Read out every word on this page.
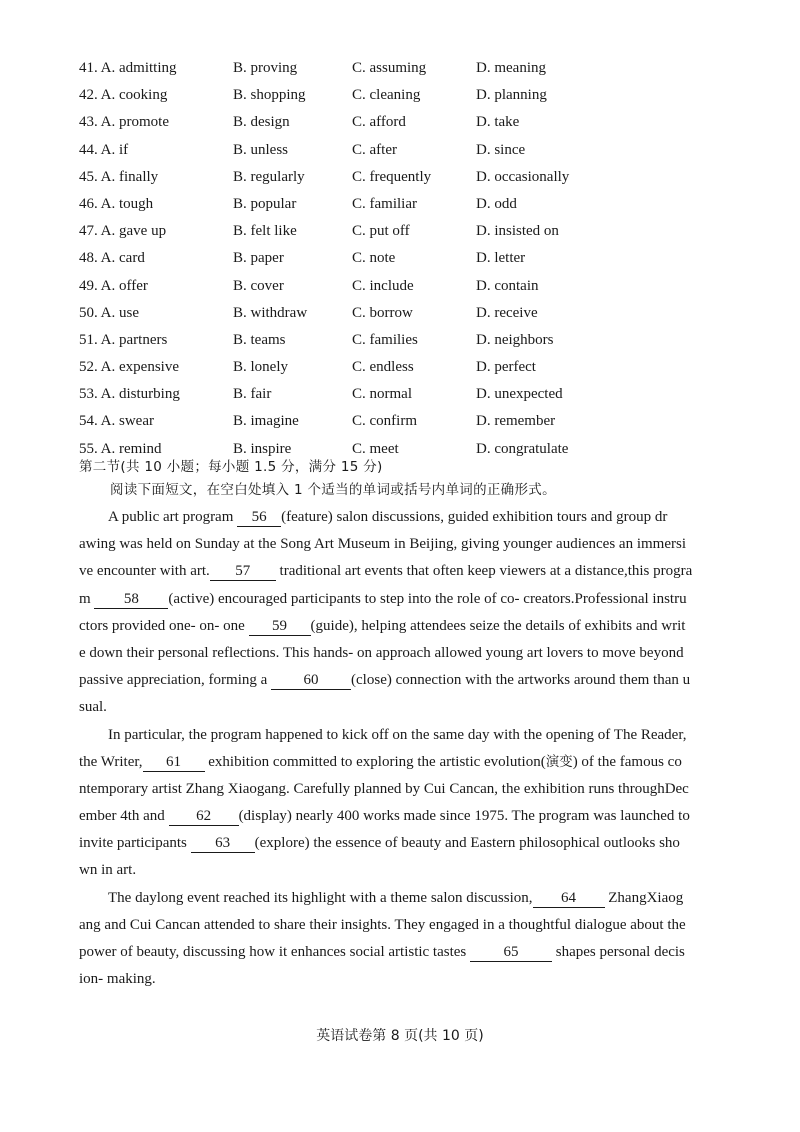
41. A. admitting	B. proving	C. assuming	D. meaning
42. A. cooking	B. shopping	C. cleaning	D. planning
43. A. promote	B. design	C. afford	D. take
44. A. if	B. unless	C. after	D. since
45. A. finally	B. regularly	C. frequently	D. occasionally
46. A. tough	B. popular	C. familiar	D. odd
47. A. gave up	B. felt like	C. put off	D. insisted on
48. A. card	B. paper	C. note	D. letter
49. A. offer	B. cover	C. include	D. contain
50. A. use	B. withdraw	C. borrow	D. receive
51. A. partners	B. teams	C. families	D. neighbors
52. A. expensive	B. lonely	C. endless	D. perfect
53. A. disturbing	B. fair	C. normal	D. unexpected
54. A. swear	B. imagine	C. confirm	D. remember
55. A. remind	B. inspire	C. meet	D. congratulate
第二节(共 10 小题；每小题 1.5 分，满分 15 分)
阅读下面短文，在空白处填入 1 个适当的单词或括号内单词的正确形式。
A public art program 56 (feature) salon discussions, guided exhibition tours and group dr
awing was held on Sunday at the Song Art Museum in Beijing, giving younger audiences an immersi
ve encounter with art. 57 traditional art events that often keep viewers at a distance,this progra
m 58 (active) encouraged participants to step into the role of co- creators.Professional instru
ctors provided one- on- one 59 (guide), helping attendees seize the details of exhibits and writ
e down their personal reflections. This hands- on approach allowed young art lovers to move beyond
passive appreciation, forming a 60 (close) connection with the artworks around them than u
sual.
In particular, the program happened to kick off on the same day with the opening of The Reader,
the Writer, 61 exhibition committed to exploring the artistic evolution(演变) of the famous co
ntemporary artist Zhang Xiaogang. Carefully planned by Cui Cancan, the exhibition runs throughDec
ember 4th and 62 (display) nearly 400 works made since 1975. The program was launched to
invite participants 63 (explore) the essence of beauty and Eastern philosophical outlooks sho
wn in art.
The daylong event reached its highlight with a theme salon discussion, 64 ZhangXiaog
ang and Cui Cancan attended to share their insights. They engaged in a thoughtful dialogue about the
power of beauty, discussing how it enhances social artistic tastes 65 shapes personal decis
ion- making.
英语试卷第 8 页(共 10 页)
